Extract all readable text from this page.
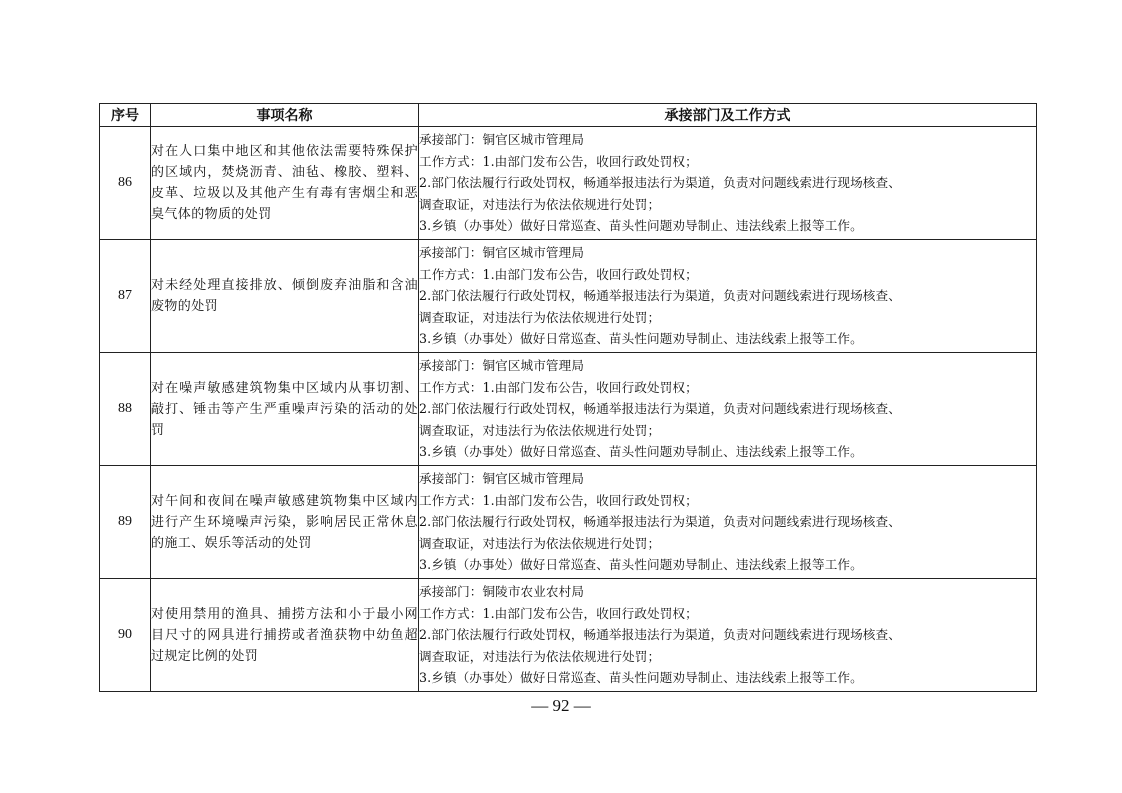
序号	事项名称	承接部门及工作方式
86	对在人口集中地区和其他依法需要特殊保护的区域内，焚烧沥青、油毡、橡胶、塑料、皮革、垃圾以及其他产生有毒有害烟尘和恶臭气体的物质的处罚	承接部门：铜官区城市管理局
工作方式：1.由部门发布公告，收回行政处罚权；
2.部门依法履行行政处罚权，畅通举报违法行为渠道，负责对问题线索进行现场核查、
调查取证，对违法行为依法依规进行处罚；
3.乡镇（办事处）做好日常巡查、苗头性问题劝导制止、违法线索上报等工作。

87	对未经处理直接排放、倾倒废弃油脂和含油废物的处罚	承接部门：铜官区城市管理局
工作方式：1.由部门发布公告，收回行政处罚权；
2.部门依法履行行政处罚权，畅通举报违法行为渠道，负责对问题线索进行现场核查、
调查取证，对违法行为依法依规进行处罚；
3.乡镇（办事处）做好日常巡查、苗头性问题劝导制止、违法线索上报等工作。

88	对在噪声敏感建筑物集中区域内从事切割、敲打、锤击等产生严重噪声污染的活动的处罚	承接部门：铜官区城市管理局
工作方式：1.由部门发布公告，收回行政处罚权；
2.部门依法履行行政处罚权，畅通举报违法行为渠道，负责对问题线索进行现场核查、
调查取证，对违法行为依法依规进行处罚；
3.乡镇（办事处）做好日常巡查、苗头性问题劝导制止、违法线索上报等工作。

89	对午间和夜间在噪声敏感建筑物集中区域内进行产生环境噪声污染，影响居民正常休息的施工、娱乐等活动的处罚	承接部门：铜官区城市管理局
工作方式：1.由部门发布公告，收回行政处罚权；
2.部门依法履行行政处罚权，畅通举报违法行为渠道，负责对问题线索进行现场核查、
调查取证，对违法行为依法依规进行处罚；
3.乡镇（办事处）做好日常巡查、苗头性问题劝导制止、违法线索上报等工作。

90	对使用禁用的渔具、捕捞方法和小于最小网目尺寸的网具进行捕捞或者渔获物中幼鱼超过规定比例的处罚	承接部门：铜陵市农业农村局
工作方式：1.由部门发布公告，收回行政处罚权；
2.部门依法履行行政处罚权，畅通举报违法行为渠道，负责对问题线索进行现场核查、
调查取证，对违法行为依法依规进行处罚；
3.乡镇（办事处）做好日常巡查、苗头性问题劝导制止、违法线索上报等工作。
— 92 —
